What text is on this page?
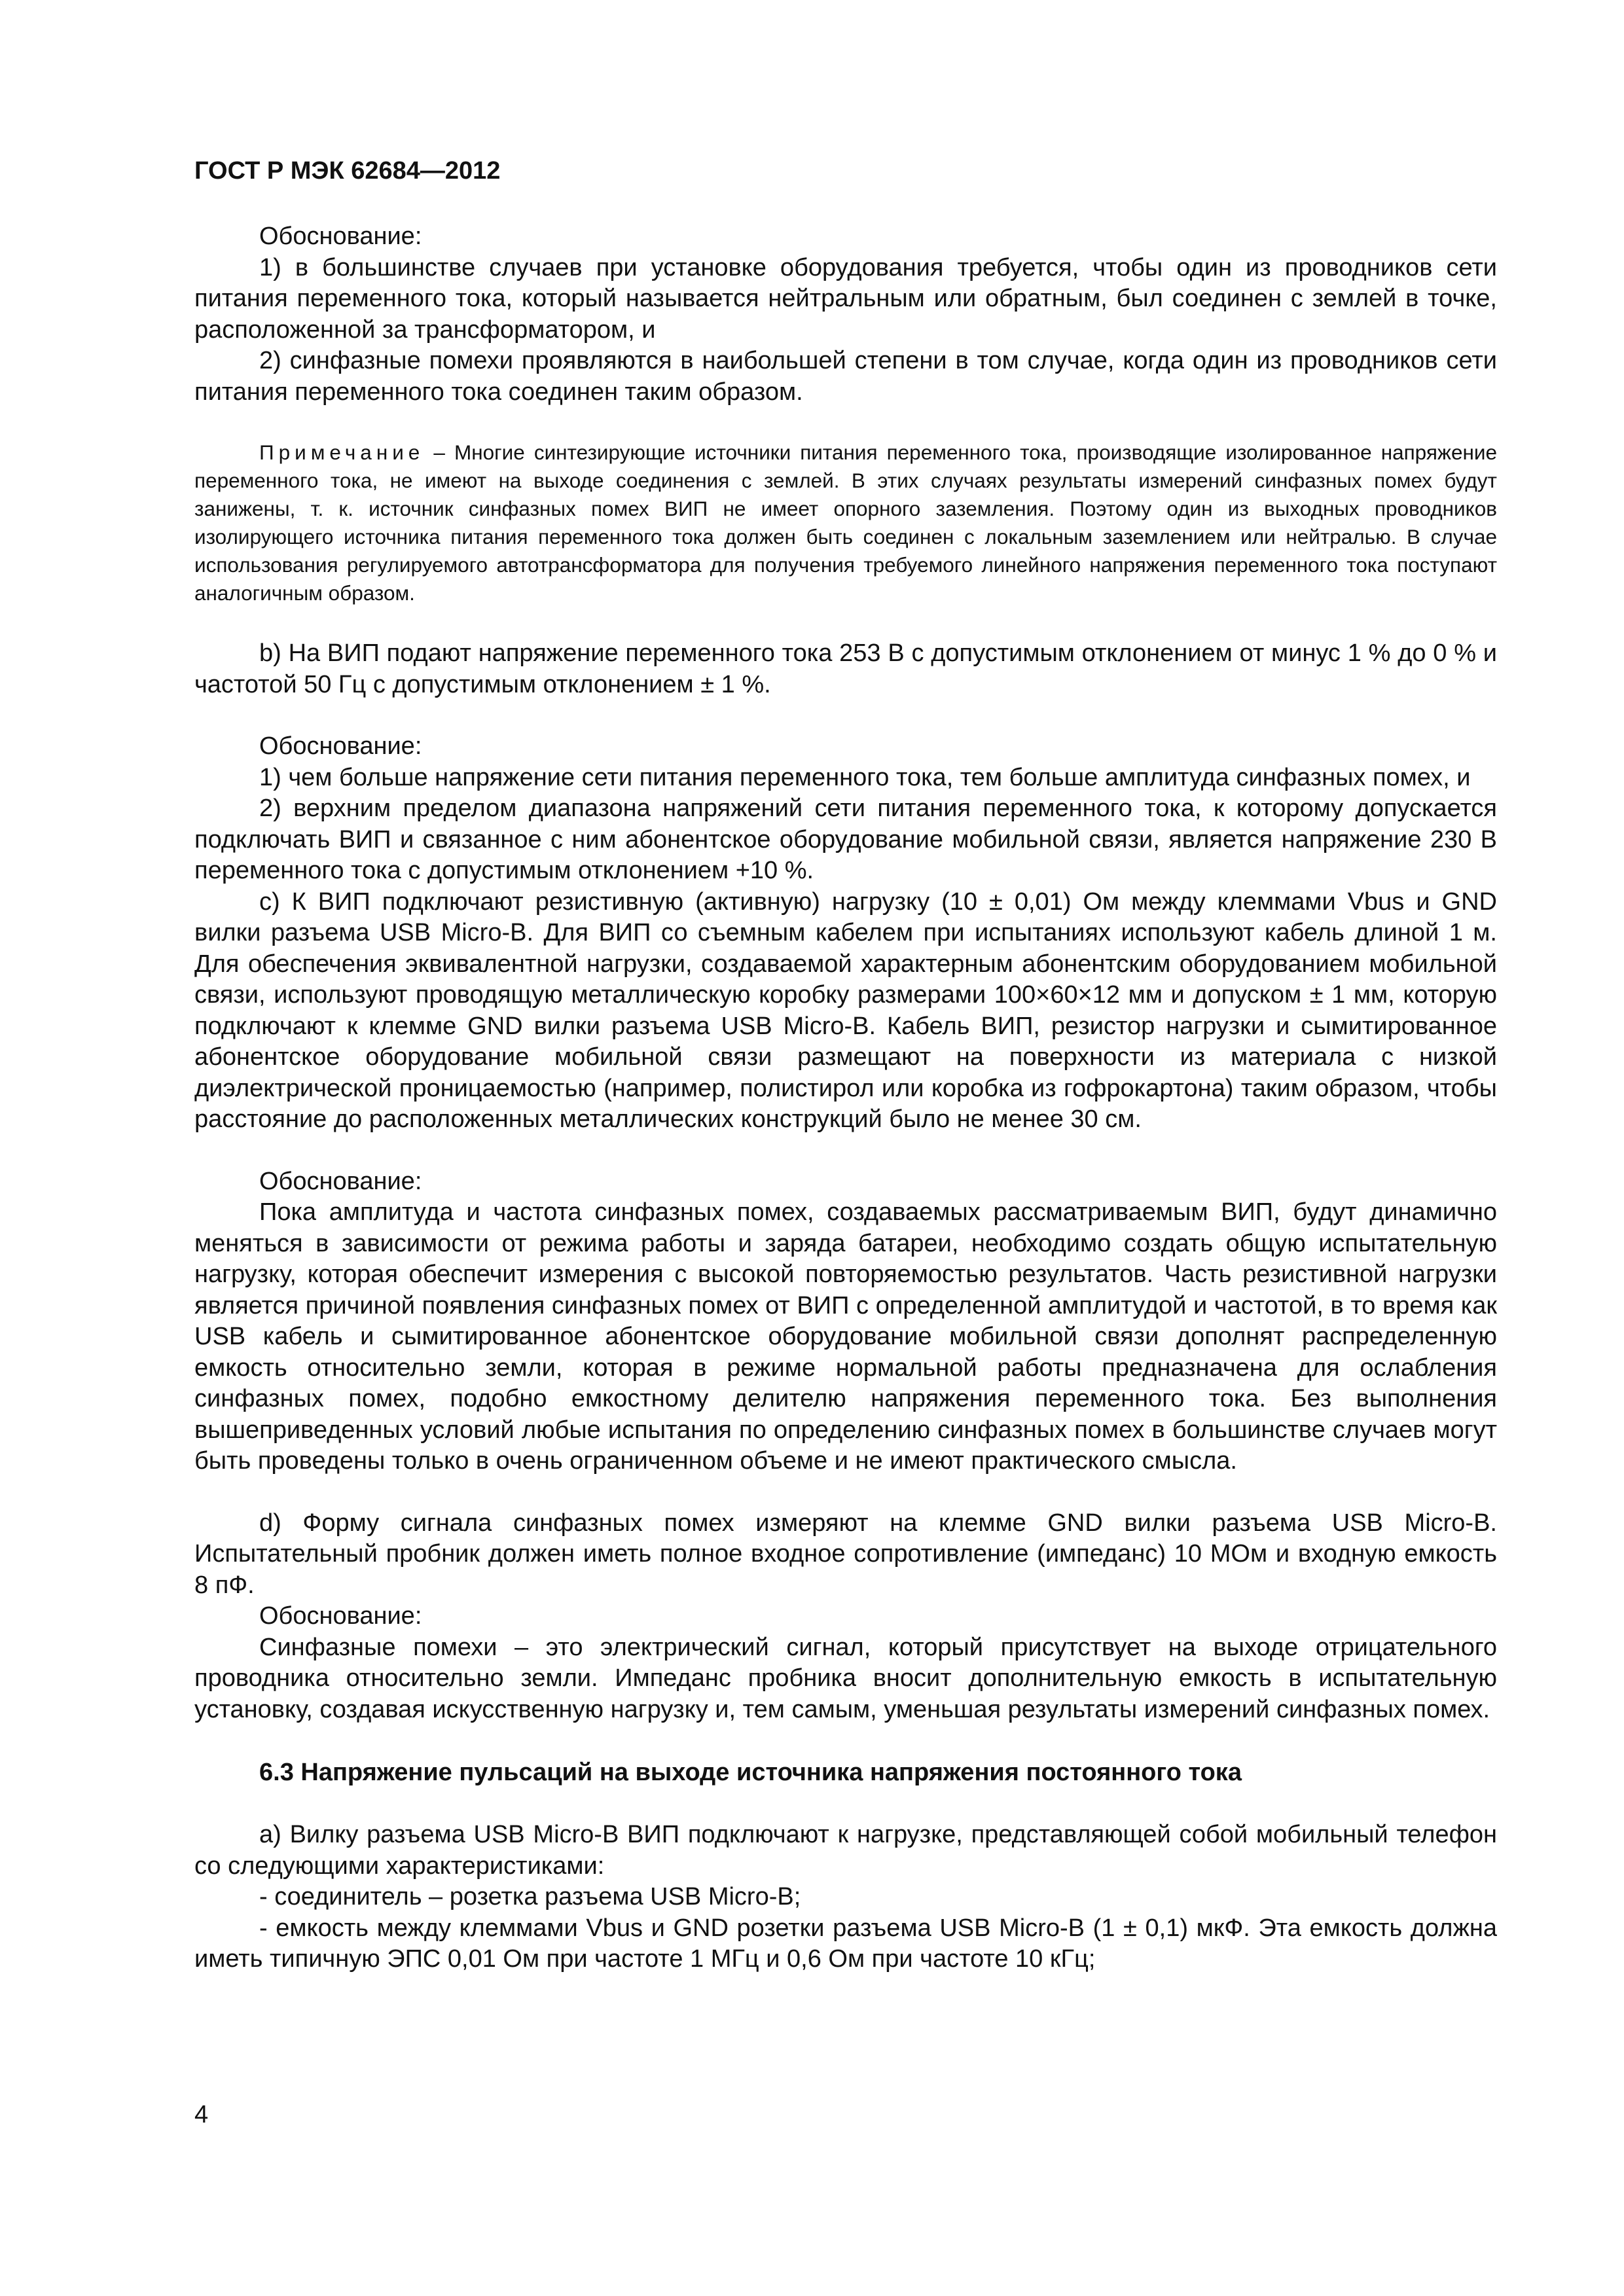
ГОСТ Р МЭК 62684—2012

Обоснование:

1) в большинстве случаев при установке оборудования требуется, чтобы один из проводников сети питания переменного тока, который называется нейтральным или обратным, был соединен с землей в точке, расположенной за трансформатором, и

2) синфазные помехи проявляются в наибольшей степени в том случае, когда один из проводников сети питания переменного тока соединен таким образом.

Примечание – Многие синтезирующие источники питания переменного тока, производящие изолированное напряжение переменного тока, не имеют на выходе соединения с землей. В этих случаях результаты измерений синфазных помех будут занижены, т. к. источник синфазных помех ВИП не имеет опорного заземления. Поэтому один из выходных проводников изолирующего источника питания переменного тока должен быть соединен с локальным заземлением или нейтралью. В случае использования регулируемого автотрансформатора для получения требуемого линейного напряжения переменного тока поступают аналогичным образом.

b) На ВИП подают напряжение переменного тока 253 В с допустимым отклонением от минус 1 % до 0 % и частотой 50 Гц с допустимым отклонением ± 1 %.

Обоснование:

1) чем больше напряжение сети питания переменного тока, тем больше амплитуда синфазных помех, и

2) верхним пределом диапазона напряжений сети питания переменного тока, к которому допускается подключать ВИП и связанное с ним абонентское оборудование мобильной связи, является напряжение 230 В переменного тока с допустимым отклонением +10 %.

с) К ВИП подключают резистивную (активную) нагрузку (10 ± 0,01) Ом между клеммами Vbus и GND вилки разъема USB Micro-B. Для ВИП со съемным кабелем при испытаниях используют кабель длиной 1 м. Для обеспечения эквивалентной нагрузки, создаваемой характерным абонентским оборудованием мобильной связи, используют проводящую металлическую коробку размерами 100×60×12 мм и допуском ± 1 мм, которую подключают к клемме GND вилки разъема USB Micro-B. Кабель ВИП, резистор нагрузки и сымитированное абонентское оборудование мобильной связи размещают на поверхности из материала с низкой диэлектрической проницаемостью (например, полистирол или коробка из гофрокартона) таким образом, чтобы расстояние до расположенных металлических конструкций было не менее 30 см.

Обоснование:

Пока амплитуда и частота синфазных помех, создаваемых рассматриваемым ВИП, будут динамично меняться в зависимости от режима работы и заряда батареи, необходимо создать общую испытательную нагрузку, которая обеспечит измерения с высокой повторяемостью результатов. Часть резистивной нагрузки является причиной появления синфазных помех от ВИП с определенной амплитудой и частотой, в то время как USB кабель и сымитированное абонентское оборудование мобильной связи дополнят распределенную емкость относительно земли, которая в режиме нормальной работы предназначена для ослабления синфазных помех, подобно емкостному делителю напряжения переменного тока. Без выполнения вышеприведенных условий любые испытания по определению синфазных помех в большинстве случаев могут быть проведены только в очень ограниченном объеме и не имеют практического смысла.

d) Форму сигнала синфазных помех измеряют на клемме GND вилки разъема USB Micro-B. Испытательный пробник должен иметь полное входное сопротивление (импеданс) 10 МОм и входную емкость 8 пФ.

Обоснование:

Синфазные помехи – это электрический сигнал, который присутствует на выходе отрицательного проводника относительно земли. Импеданс пробника вносит дополнительную емкость в испытательную установку, создавая искусственную нагрузку и, тем самым, уменьшая результаты измерений синфазных помех.

6.3 Напряжение пульсаций на выходе источника напряжения постоянного тока

а) Вилку разъема USB Micro-B ВИП подключают к нагрузке, представляющей собой мобильный телефон со следующими характеристиками:

- соединитель – розетка разъема USB Micro-B;

- емкость между клеммами Vbus и GND розетки разъема USB Micro-B (1 ± 0,1) мкФ. Эта емкость должна иметь типичную ЭПС 0,01 Ом при частоте 1 МГц и 0,6 Ом при частоте 10 кГц;

4
